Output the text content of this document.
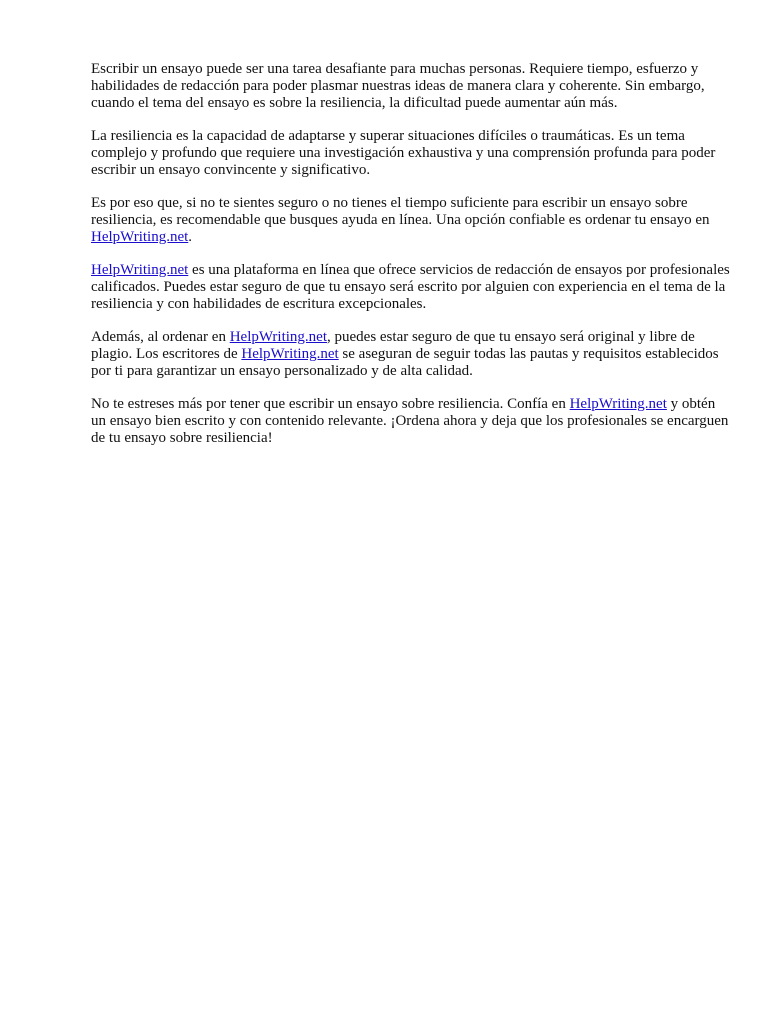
Escribir un ensayo puede ser una tarea desafiante para muchas personas. Requiere tiempo, esfuerzo y habilidades de redacción para poder plasmar nuestras ideas de manera clara y coherente. Sin embargo, cuando el tema del ensayo es sobre la resiliencia, la dificultad puede aumentar aún más.

La resiliencia es la capacidad de adaptarse y superar situaciones difíciles o traumáticas. Es un tema complejo y profundo que requiere una investigación exhaustiva y una comprensión profunda para poder escribir un ensayo convincente y significativo.

Es por eso que, si no te sientes seguro o no tienes el tiempo suficiente para escribir un ensayo sobre resiliencia, es recomendable que busques ayuda en línea. Una opción confiable es ordenar tu ensayo en HelpWriting.net.

HelpWriting.net es una plataforma en línea que ofrece servicios de redacción de ensayos por profesionales calificados. Puedes estar seguro de que tu ensayo será escrito por alguien con experiencia en el tema de la resiliencia y con habilidades de escritura excepcionales.

Además, al ordenar en HelpWriting.net, puedes estar seguro de que tu ensayo será original y libre de plagio. Los escritores de HelpWriting.net se aseguran de seguir todas las pautas y requisitos establecidos por ti para garantizar un ensayo personalizado y de alta calidad.

No te estreses más por tener que escribir un ensayo sobre resiliencia. Confía en HelpWriting.net y obtén un ensayo bien escrito y con contenido relevante. ¡Ordena ahora y deja que los profesionales se encarguen de tu ensayo sobre resiliencia!
